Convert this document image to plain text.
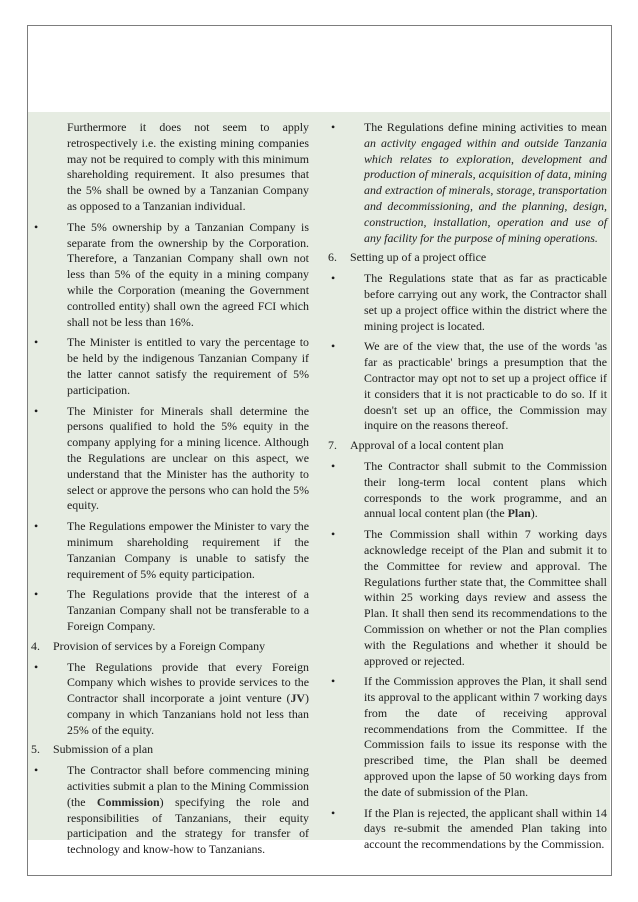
Furthermore it does not seem to apply retrospectively i.e. the existing mining companies may not be required to comply with this minimum shareholding requirement. It also presumes that the 5% shall be owned by a Tanzanian Company as opposed to a Tanzanian individual.

• The 5% ownership by a Tanzanian Company is separate from the ownership by the Corporation. Therefore, a Tanzanian Company shall own not less than 5% of the equity in a mining company while the Corporation (meaning the Government controlled entity) shall own the agreed FCI which shall not be less than 16%.

• The Minister is entitled to vary the percentage to be held by the indigenous Tanzanian Company if the latter cannot satisfy the requirement of 5% participation.

• The Minister for Minerals shall determine the persons qualified to hold the 5% equity in the company applying for a mining licence. Although the Regulations are unclear on this aspect, we understand that the Minister has the authority to select or approve the persons who can hold the 5% equity.

• The Regulations empower the Minister to vary the minimum shareholding requirement if the Tanzanian Company is unable to satisfy the requirement of 5% equity participation.

• The Regulations provide that the interest of a Tanzanian Company shall not be transferable to a Foreign Company.

4. Provision of services by a Foreign Company
• The Regulations provide that every Foreign Company which wishes to provide services to the Contractor shall incorporate a joint venture (JV) company in which Tanzanians hold not less than 25% of the equity.

5. Submission of a plan
• The Contractor shall before commencing mining activities submit a plan to the Mining Commission (the Commission) specifying the role and responsibilities of Tanzanians, their equity participation and the strategy for transfer of technology and know-how to Tanzanians.

• The Regulations define mining activities to mean an activity engaged within and outside Tanzania which relates to exploration, development and production of minerals, acquisition of data, mining and extraction of minerals, storage, transportation and decommissioning, and the planning, design, construction, installation, operation and use of any facility for the purpose of mining operations.

6. Setting up of a project office
• The Regulations state that as far as practicable before carrying out any work, the Contractor shall set up a project office within the district where the mining project is located.

• We are of the view that, the use of the words 'as far as practicable' brings a presumption that the Contractor may opt not to set up a project office if it considers that it is not practicable to do so. If it doesn't set up an office, the Commission may inquire on the reasons thereof.

7. Approval of a local content plan
• The Contractor shall submit to the Commission their long-term local content plans which corresponds to the work programme, and an annual local content plan (the Plan).

• The Commission shall within 7 working days acknowledge receipt of the Plan and submit it to the Committee for review and approval. The Regulations further state that, the Committee shall within 25 working days review and assess the Plan. It shall then send its recommendations to the Commission on whether or not the Plan complies with the Regulations and whether it should be approved or rejected.

• If the Commission approves the Plan, it shall send its approval to the applicant within 7 working days from the date of receiving approval recommendations from the Committee. If the Commission fails to issue its response with the prescribed time, the Plan shall be deemed approved upon the lapse of 50 working days from the date of submission of the Plan.

• If the Plan is rejected, the applicant shall within 14 days re-submit the amended Plan taking into account the recommendations by the Commission.
